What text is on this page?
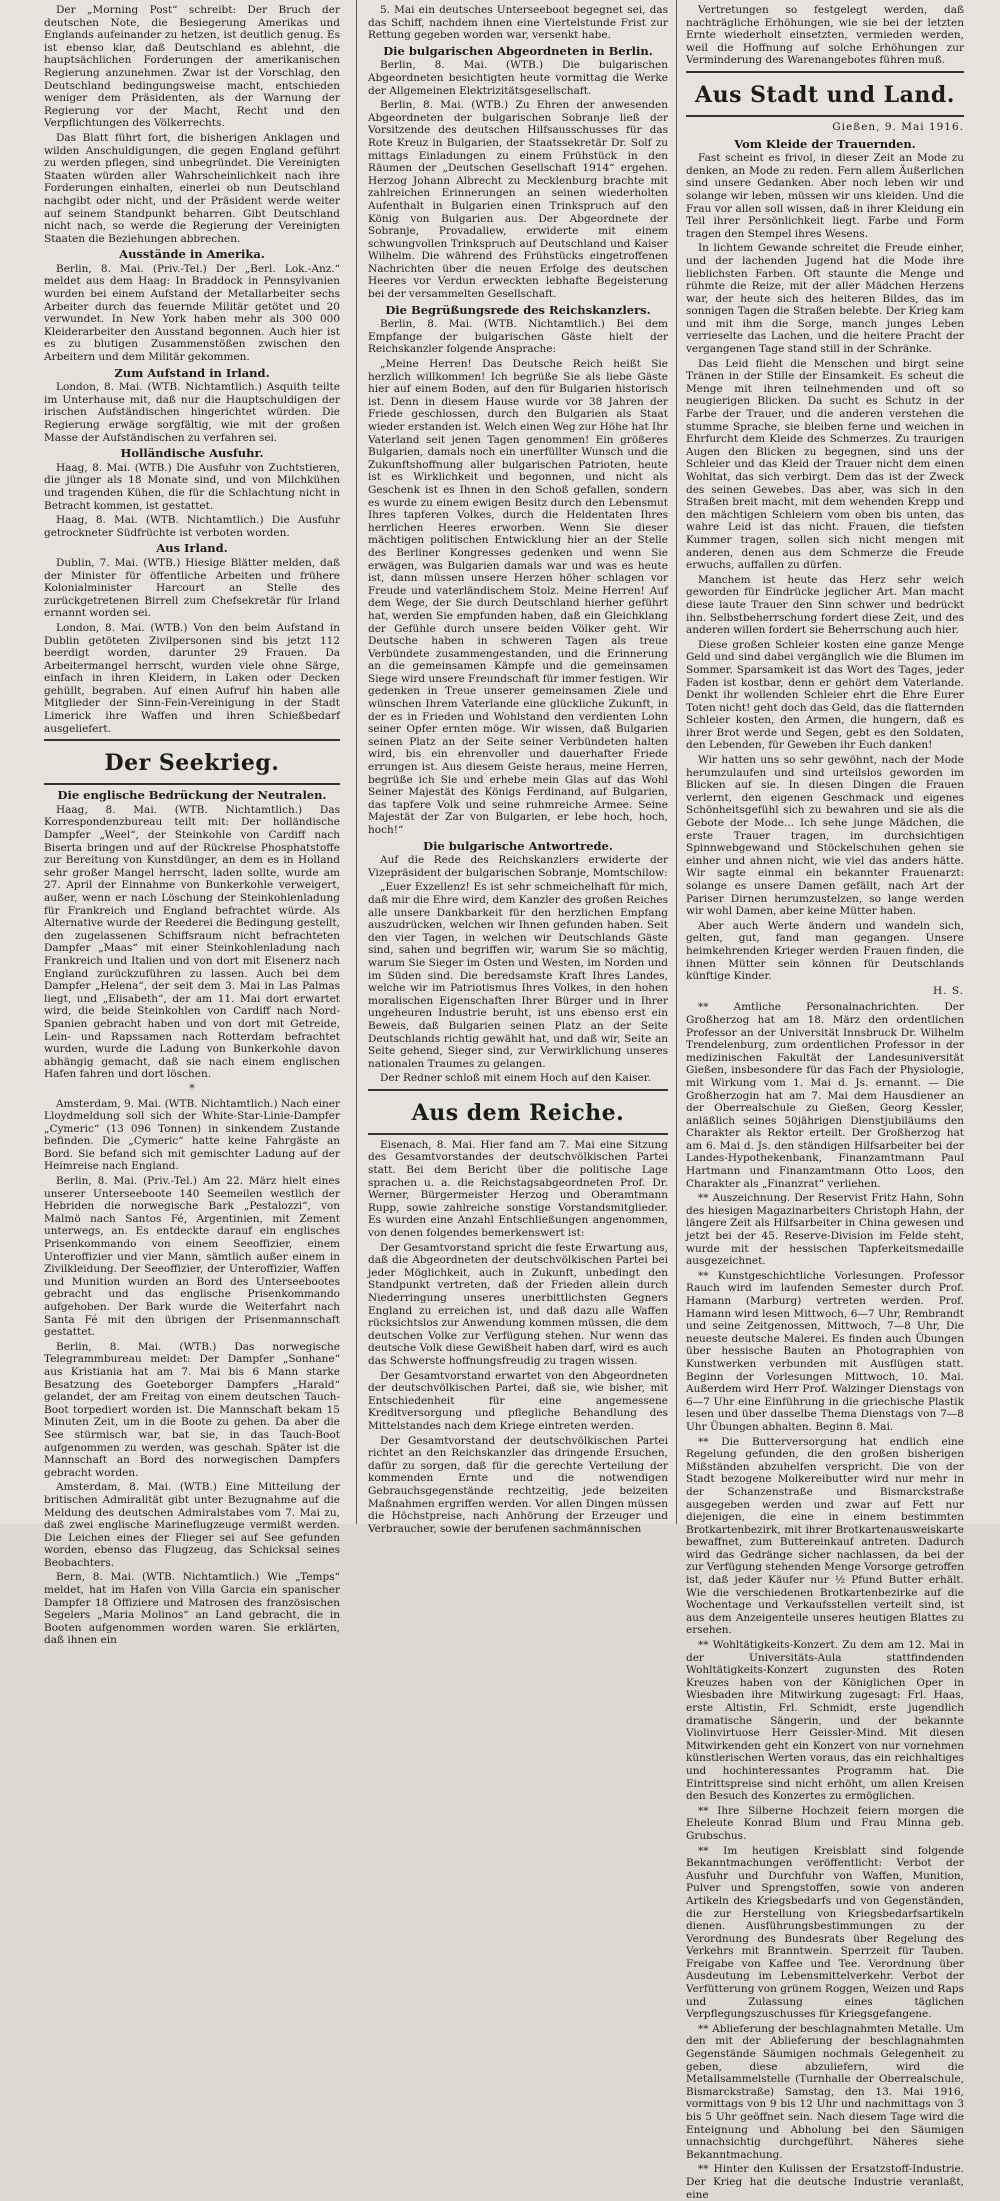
Der „Morning Post“ schreibt: Der Bruch der deutschen Note, die Besiegerung Amerikas und Englands aufeinander zu hetzen, ist deutlich genug. Es ist ebenso klar, daß Deutschland es ablehnt, die hauptsächlichen Forderungen der amerikanischen Regierung anzunehmen. Zwar ist der Vorschlag, den Deutschland bedingungsweise macht, entschieden weniger dem Präsidenten, als der Warnung der Regierung vor der Macht, Recht und den Verpflichtungen des Völkerrechts.

Das Blatt führt fort, die bisherigen Anklagen und wilden Anschuldigungen, die gegen England geführt zu werden pflegen, sind unbegründet. Die Vereinigten Staaten würden aller Wahrscheinlichkeit nach ihre Forderungen einhalten, einerlei ob nun Deutschland nachgibt oder nicht, und der Präsident werde weiter auf seinem Standpunkt beharren. Gibt Deutschland nicht nach, so werde die Regierung der Vereinigten Staaten die Beziehungen abbrechen.

Ausstände in Amerika.

Berlin, 8. Mai. (Priv.-Tel.) Der „Berl. Lok.-Anz.“ meldet aus dem Haag: In Braddock in Pennsylvanien wurden bei einem Aufstand der Metallarbeiter sechs Arbeiter durch das feuernde Militär getötet und 20 verwundet. In New York haben mehr als 300 000 Kleiderarbeiter den Ausstand begonnen. Auch hier ist es zu blutigen Zusammenstößen zwischen den Arbeitern und dem Militär gekommen.

Zum Aufstand in Irland.

London, 8. Mai. (WTB. Nichtamtlich.) Asquith teilte im Unterhause mit, daß nur die Hauptschuldigen der irischen Aufständischen hingerichtet würden. Die Regierung erwäge sorgfältig, wie mit der großen Masse der Aufständischen zu verfahren sei.

Holländische Ausfuhr.

Haag, 8. Mai. (WTB.) Die Ausfuhr von Zuchtstieren, die jünger als 18 Monate sind, und von Milchkühen und tragenden Kühen, die für die Schlachtung nicht in Betracht kommen, ist gestattet.

Haag, 8. Mai. (WTB. Nichtamtlich.) Die Ausfuhr getrockneter Südfrüchte ist verboten worden.

Aus Irland.

Dublin, 7. Mai. (WTB.) Hiesige Blätter melden, daß der Minister für öffentliche Arbeiten und frühere Kolonialminister Harcourt an Stelle des zurückgetretenen Birrell zum Chefsekretär für Irland ernannt worden sei.

London, 8. Mai. (WTB.) Von den beim Aufstand in Dublin getöteten Zivilpersonen sind bis jetzt 112 beerdigt worden, darunter 29 Frauen. Da Arbeitermangel herrscht, wurden viele ohne Särge, einfach in ihren Kleidern, in Laken oder Decken gehüllt, begraben. Auf einen Aufruf hin haben alle Mitglieder der Sinn-Fein-Vereinigung in der Stadt Limerick ihre Waffen und ihren Schießbedarf ausgeliefert.

Der Seekrieg.
Die englische Bedrückung der Neutralen.

Haag, 8. Mai. (WTB. Nichtamtlich.) Das Korrespondenzbureau teilt mit: Der holländische Dampfer „Weel“, der Steinkohle von Cardiff nach Biserta bringen und auf der Rückreise Phosphatstoffe zur Bereitung von Kunstdünger, an dem es in Holland sehr großer Mangel herrscht, laden sollte, wurde am 27. April der Einnahme von Bunkerkohle verweigert, außer, wenn er nach Löschung der Steinkohlenladung für Frankreich und England befrachtet würde. Als Alternative wurde der Reederei die Bedingung gestellt, den zugelassenen Schiffsraum nicht befrachteten Dampfer „Maas“ mit einer Steinkohlenladung nach Frankreich und Italien und von dort mit Eisenerz nach England zurückzuführen zu lassen. Auch bei dem Dampfer „Helena“, der seit dem 3. Mai in Las Palmas liegt, und „Elisabeth“, der am 11. Mai dort erwartet wird, die beide Steinkohlen von Cardiff nach Nord-Spanien gebracht haben und von dort mit Getreide, Lein- und Rapssamen nach Rotterdam befrachtet wurden, wurde die Ladung von Bunkerkohle davon abhängig gemacht, daß sie nach einem englischen Hafen fahren und dort löschen.

*

Amsterdam, 9. Mai. (WTB. Nichtamtlich.) Nach einer Lloydmeldung soll sich der White-Star-Linie-Dampfer „Cymeric“ (13 096 Tonnen) in sinkendem Zustande befinden. Die „Cymeric“ hatte keine Fahrgäste an Bord. Sie befand sich mit gemischter Ladung auf der Heimreise nach England.

Berlin, 8. Mai. (Priv.-Tel.) Am 22. März hielt eines unserer Unterseeboote 140 Seemeilen westlich der Hebriden die norwegische Bark „Pestalozzi“, von Malmö nach Santos Fé, Argentinien, mit Zement unterwegs, an. Es entdeckte darauf ein englisches Prisenkommando von einem Seeoffizier, einem Unteroffizier und vier Mann, sämtlich außer einem in Zivilkleidung. Der Seeoffizier, der Unteroffizier, Waffen und Munition wurden an Bord des Unterseebootes gebracht und das englische Prisenkommando aufgehoben. Der Bark wurde die Weiterfahrt nach Santa Fé mit den übrigen der Prisenmannschaft gestattet.

Berlin, 8. Mai. (WTB.) Das norwegische Telegrammbureau meldet: Der Dampfer „Sonhane“ aus Kristiania hat am 7. Mai bis 6 Mann starke Besatzung des Goeteborger Dampfers „Harald“ gelandet, der am Freitag von einem deutschen Tauch-Boot torpediert worden ist. Die Mannschaft bekam 15 Minuten Zeit, um in die Boote zu gehen. Da aber die See stürmisch war, bat sie, in das Tauch-Boot aufgenommen zu werden, was geschah. Später ist die Mannschaft an Bord des norwegischen Dampfers gebracht worden.

Amsterdam, 8. Mai. (WTB.) Eine Mitteilung der britischen Admiralität gibt unter Bezugnahme auf die Meldung des deutschen Admiralstabes vom 7. Mai zu, daß zwei englische Marineflugzeuge vermißt werden. Die Leichen eines der Flieger sei auf See gefunden worden, ebenso das Flugzeug, das Schicksal seines Beobachters.

Bern, 8. Mai. (WTB. Nichtamtlich.) Wie „Temps“ meldet, hat im Hafen von Villa Garcia ein spanischer Dampfer 18 Offiziere und Matrosen des französischen Segelers „Maria Molinos“ an Land gebracht, die in Booten aufgenommen worden waren. Sie erklärten, daß ihnen ein

5. Mai ein deutsches Unterseeboot begegnet sei, das das Schiff, nachdem ihnen eine Viertelstunde Frist zur Rettung gegeben worden war, versenkt habe.

Die bulgarischen Abgeordneten in Berlin.

Berlin, 8. Mai. (WTB.) Die bulgarischen Abgeordneten besichtigten heute vormittag die Werke der Allgemeinen Elektrizitätsgesellschaft.

Berlin, 8. Mai. (WTB.) Zu Ehren der anwesenden Abgeordneten der bulgarischen Sobranje ließ der Vorsitzende des deutschen Hilfsausschusses für das Rote Kreuz in Bulgarien, der Staatssekretär Dr. Solf zu mittags Einladungen zu einem Frühstück in den Räumen der „Deutschen Gesellschaft 1914“ ergehen. Herzog Johann Albrecht zu Mecklenburg brachte mit zahlreichen Erinnerungen an seinen wiederholten Aufenthalt in Bulgarien einen Trinkspruch auf den König von Bulgarien aus. Der Abgeordnete der Sobranje, Provadaliew, erwiderte mit einem schwungvollen Trinkspruch auf Deutschland und Kaiser Wilhelm. Die während des Frühstücks eingetroffenen Nachrichten über die neuen Erfolge des deutschen Heeres vor Verdun erweckten lebhafte Begeisterung bei der versammelten Gesellschaft.

Die Begrüßungsrede des Reichskanzlers.

Berlin, 8. Mai. (WTB. Nichtamtlich.) Bei dem Empfange der bulgarischen Gäste hielt der Reichskanzler folgende Ansprache:

„Meine Herren! Das Deutsche Reich heißt Sie herzlich willkommen! Ich begrüße Sie als liebe Gäste hier auf einem Boden, auf den für Bulgarien historisch ist. Denn in diesem Hause wurde vor 38 Jahren der Friede geschlossen, durch den Bulgarien als Staat wieder erstanden ist. Welch einen Weg zur Höhe hat Ihr Vaterland seit jenen Tagen genommen! Ein größeres Bulgarien, damals noch ein unerfüllter Wunsch und die Zukunftshoffnung aller bulgarischen Patrioten, heute ist es Wirklichkeit und begonnen, und nicht als Geschenk ist es Ihnen in den Schoß gefallen, sondern es wurde zu einem ewigen Besitz durch den Lebensmut Ihres tapferen Volkes, durch die Heldentaten Ihres herrlichen Heeres erworben. Wenn Sie dieser mächtigen politischen Entwicklung hier an der Stelle des Berliner Kongresses gedenken und wenn Sie erwägen, was Bulgarien damals war und was es heute ist, dann müssen unsere Herzen höher schlagen vor Freude und vaterländischem Stolz. Meine Herren! Auf dem Wege, der Sie durch Deutschland hierher geführt hat, werden Sie empfunden haben, daß ein Gleichklang der Gefühle durch unsere beiden Völker geht. Wir Deutsche haben in schweren Tagen als treue Verbündete zusammengestanden, und die Erinnerung an die gemeinsamen Kämpfe und die gemeinsamen Siege wird unsere Freundschaft für immer festigen. Wir gedenken in Treue unserer gemeinsamen Ziele und wünschen Ihrem Vaterlande eine glückliche Zukunft, in der es in Frieden und Wohlstand den verdienten Lohn seiner Opfer ernten möge. Wir wissen, daß Bulgarien seinen Platz an der Seite seiner Verbündeten halten wird, bis ein ehrenvoller und dauerhafter Friede errungen ist. Aus diesem Geiste heraus, meine Herren, begrüße ich Sie und erhebe mein Glas auf das Wohl Seiner Majestät des Königs Ferdinand, auf Bulgarien, das tapfere Volk und seine ruhmreiche Armee. Seine Majestät der Zar von Bulgarien, er lebe hoch, hoch, hoch!“

Die bulgarische Antwortrede.

Auf die Rede des Reichskanzlers erwiderte der Vizepräsident der bulgarischen Sobranje, Momtschilow:

„Euer Exzellenz! Es ist sehr schmeichelhaft für mich, daß mir die Ehre wird, dem Kanzler des großen Reiches alle unsere Dankbarkeit für den herzlichen Empfang auszudrücken, welchen wir Ihnen gefunden haben. Seit den vier Tagen, in welchen wir Deutschlands Gäste sind, sahen und begriffen wir, warum Sie so mächtig, warum Sie Sieger im Osten und Westen, im Norden und im Süden sind. Die beredsamste Kraft Ihres Landes, welche wir im Patriotismus Ihres Volkes, in den hohen moralischen Eigenschaften Ihrer Bürger und in Ihrer ungeheuren Industrie beruht, ist uns ebenso erst ein Beweis, daß Bulgarien seinen Platz an der Seite Deutschlands richtig gewählt hat, und daß wir, Seite an Seite gehend, Sieger sind, zur Verwirklichung unseres nationalen Traumes zu gelangen.

Der Redner schloß mit einem Hoch auf den Kaiser.

Aus dem Reiche.

Eisenach, 8. Mai. Hier fand am 7. Mai eine Sitzung des Gesamtvorstandes der deutschvölkischen Partei statt. Bei dem Bericht über die politische Lage sprachen u. a. die Reichstagsabgeordneten Prof. Dr. Werner, Bürgermeister Herzog und Oberamtmann Rupp, sowie zahlreiche sonstige Vorstandsmitglieder. Es wurden eine Anzahl Entschließungen angenommen, von denen folgendes bemerkenswert ist:

Der Gesamtvorstand spricht die feste Erwartung aus, daß die Abgeordneten der deutschvölkischen Partei bei jeder Möglichkeit, auch in Zukunft, unbedingt den Standpunkt vertreten, daß der Frieden allein durch Niederringung unseres unerbittlichsten Gegners England zu erreichen ist, und daß dazu alle Waffen rücksichtslos zur Anwendung kommen müssen, die dem deutschen Volke zur Verfügung stehen. Nur wenn das deutsche Volk diese Gewißheit haben darf, wird es auch das Schwerste hoffnungsfreudig zu tragen wissen.

Der Gesamtvorstand erwartet von den Abgeordneten der deutschvölkischen Partei, daß sie, wie bisher, mit Entschiedenheit für eine angemessene Kreditversorgung und pflegliche Behandlung des Mittelstandes nach dem Kriege eintreten werden.

Der Gesamtvorstand der deutschvölkischen Partei richtet an den Reichskanzler das dringende Ersuchen, dafür zu sorgen, daß für die gerechte Verteilung der kommenden Ernte und die notwendigen Gebrauchsgegenstände rechtzeitig, jede beizeiten Maßnahmen ergriffen werden. Vor allen Dingen müssen die Höchstpreise, nach Anhörung der Erzeuger und Verbraucher, sowie der berufenen sachmännischen

Vertretungen so festgelegt werden, daß nachträgliche Erhöhungen, wie sie bei der letzten Ernte wiederholt einsetzten, vermieden werden, weil die Hoffnung auf solche Erhöhungen zur Verminderung des Warenangebotes führen muß.

Aus Stadt und Land.
Gießen, 9. Mai 1916.
Vom Kleide der Trauernden.

Fast scheint es frivol, in dieser Zeit an Mode zu denken, an Mode zu reden. Fern allem Äußerlichen sind unsere Gedanken. Aber noch leben wir und solange wir leben, müssen wir uns kleiden. Und die Frau vor allen soll wissen, daß in ihrer Kleidung ein Teil ihrer Persönlichkeit liegt. Farbe und Form tragen den Stempel ihres Wesens.

In lichtem Gewande schreitet die Freude einher, und der lachenden Jugend hat die Mode ihre lieblichsten Farben. Oft staunte die Menge und rühmte die Reize, mit der aller Mädchen Herzens war, der heute sich des heiteren Bildes, das im sonnigen Tagen die Straßen belebte. Der Krieg kam und mit ihm die Sorge, manch junges Leben verrieselte das Lachen, und die heitere Pracht der vergangenen Tage stand still in der Schränke.

Das Leid flieht die Menschen und birgt seine Tränen in der Stille der Einsamkeit. Es scheut die Menge mit ihren teilnehmenden und oft so neugierigen Blicken. Da sucht es Schutz in der Farbe der Trauer, und die anderen verstehen die stumme Sprache, sie bleiben ferne und weichen in Ehrfurcht dem Kleide des Schmerzes. Zu traurigen Augen den Blicken zu begegnen, sind uns der Schleier und das Kleid der Trauer nicht dem einen Wohltat, das sich verbirgt. Dem das ist der Zweck des seinen Gewebes. Das aber, was sich in den Straßen breit macht, mit dem wehenden Krepp und den mächtigen Schleiern vom oben bis unten, das wahre Leid ist das nicht. Frauen, die tiefsten Kummer tragen, sollen sich nicht mengen mit anderen, denen aus dem Schmerze die Freude erwuchs, auffallen zu dürfen.

Manchem ist heute das Herz sehr weich geworden für Eindrücke jeglicher Art. Man macht diese laute Trauer den Sinn schwer und bedrückt ihn. Selbstbeherrschung fordert diese Zeit, und des anderen willen fordert sie Beherrschung auch hier.

Diese großen Schleier kosten eine ganze Menge Geld und sind dabei vergänglich wie die Blumen im Sommer. Sparsamkeit ist das Wort des Tages, jeder Faden ist kostbar, denn er gehört dem Vaterlande. Denkt ihr wollenden Schleier ehrt die Ehre Eurer Toten nicht! geht doch das Geld, das die flatternden Schleier kosten, den Armen, die hungern, daß es ihrer Brot werde und Segen, gebt es den Soldaten, den Lebenden, für Geweben ihr Euch danken!

Wir hatten uns so sehr gewöhnt, nach der Mode herumzulaufen und sind urteilslos geworden im Blicken auf sie. In diesen Dingen die Frauen verlernt, den eigenen Geschmack und eigenes Schönheitsgefühl sich zu bewahren und sie als die Gebote der Mode... Ich sehe junge Mädchen, die erste Trauer tragen, im durchsichtigen Spinnwebgewand und Stöckelschuhen gehen sie einher und ahnen nicht, wie viel das anders hätte. Wir sagte einmal ein bekannter Frauenarzt: solange es unsere Damen gefällt, nach Art der Pariser Dirnen herumzustelzen, so lange werden wir wohl Damen, aber keine Mütter haben.

Aber auch Werte ändern und wandeln sich, gelten, gut, fand man gegangen. Unsere heimkehrenden Krieger werden Frauen finden, die ihnen Mütter sein können für Deutschlands künftige Kinder.

H. S.

** Amtliche Personalnachrichten. Der Großherzog hat am 18. März den ordentlichen Professor an der Universität Innsbruck Dr. Wilhelm Trendelenburg, zum ordentlichen Professor in der medizinischen Fakultät der Landesuniversität Gießen, insbesondere für das Fach der Physiologie, mit Wirkung vom 1. Mai d. Js. ernannt. — Die Großherzogin hat am 7. Mai dem Hausdiener an der Oberrealschule zu Gießen, Georg Kessler, anläßlich seines 50jährigen Dienstjubiläums den Charakter als Rektor erteilt. Der Großherzog hat am 6. Mai d. Js. den ständigen Hilfsarbeiter bei der Landes-Hypothekenbank, Finanzamtmann Paul Hartmann und Finanzamtmann Otto Loos, den Charakter als „Finanzrat“ verliehen.

** Auszeichnung. Der Reservist Fritz Hahn, Sohn des hiesigen Magazinarbeiters Christoph Hahn, der längere Zeit als Hilfsarbeiter in China gewesen und jetzt bei der 45. Reserve-Division im Felde steht, wurde mit der hessischen Tapferkeitsmedaille ausgezeichnet.

** Kunstgeschichtliche Vorlesungen. Professor Rauch wird im laufenden Semester durch Prof. Hamann (Marburg) vertreten werden. Prof. Hamann wird lesen Mittwoch, 6—7 Uhr, Rembrandt und seine Zeitgenossen, Mittwoch, 7—8 Uhr, Die neueste deutsche Malerei. Es finden auch Übungen über hessische Bauten an Photographien von Kunstwerken verbunden mit Ausflügen statt. Beginn der Vorlesungen Mittwoch, 10. Mai. Außerdem wird Herr Prof. Walzinger Dienstags von 6—7 Uhr eine Einführung in die griechische Plastik lesen und über dasselbe Thema Dienstags von 7—8 Uhr Übungen abhalten. Beginn 8. Mai.

** Die Butterversorgung hat endlich eine Regelung gefunden, die den großen bisherigen Mißständen abzuhelfen verspricht. Die von der Stadt bezogene Molkereibutter wird nur mehr in der Schanzenstraße und Bismarckstraße ausgegeben werden und zwar auf Fett nur diejenigen, die eine in einem bestimmten Brotkartenbezirk, mit ihrer Brotkartenausweiskarte bewaffnet, zum Buttereinkauf antreten. Dadurch wird das Gedränge sicher nachlassen, da bei der zur Verfügung stehenden Menge Vorsorge getroffen ist, daß jeder Käufer nur ½ Pfund Butter erhält. Wie die verschiedenen Brotkartenbezirke auf die Wochentage und Verkaufsstellen verteilt sind, ist aus dem Anzeigenteile unseres heutigen Blattes zu ersehen.

** Wohltätigkeits-Konzert. Zu dem am 12. Mai in der Universitäts-Aula stattfindenden Wohltätigkeits-Konzert zugunsten des Roten Kreuzes haben von der Königlichen Oper in Wiesbaden ihre Mitwirkung zugesagt: Frl. Haas, erste Altistin, Frl. Schmidt, erste jugendlich dramatische Sängerin, und der bekannte Violinvirtuose Herr Geissler-Mind. Mit diesen Mitwirkenden geht ein Konzert von nur vornehmen künstlerischen Werten voraus, das ein reichhaltiges und hochinteressantes Programm hat. Die Eintrittspreise sind nicht erhöht, um allen Kreisen den Besuch des Konzertes zu ermöglichen.

** Ihre Silberne Hochzeit feiern morgen die Eheleute Konrad Blum und Frau Minna geb. Grubschus.

** Im heutigen Kreisblatt sind folgende Bekanntmachungen veröffentlicht: Verbot der Ausfuhr und Durchfuhr von Waffen, Munition, Pulver und Sprengstoffen, sowie von anderen Artikeln des Kriegsbedarfs und von Gegenständen, die zur Herstellung von Kriegsbedarfsartikeln dienen. Ausführungsbestimmungen zu der Verordnung des Bundesrats über Regelung des Verkehrs mit Branntwein. Sperrzeit für Tauben. Freigabe von Kaffee und Tee. Verordnung über Ausdeutung im Lebensmittelverkehr. Verbot der Verfütterung von grünem Roggen, Weizen und Raps und Zulassung eines täglichen Verpflegungszuschusses für Kriegsgefangene.

** Ablieferung der beschlagnahmten Metalle. Um den mit der Ablieferung der beschlagnahmten Gegenstände Säumigen nochmals Gelegenheit zu geben, diese abzuliefern, wird die Metallsammelstelle (Turnhalle der Oberrealschule, Bismarckstraße) Samstag, den 13. Mai 1916, vormittags von 9 bis 12 Uhr und nachmittags von 3 bis 5 Uhr geöffnet sein. Nach diesem Tage wird die Enteignung und Abholung bei den Säumigen unnachsichtig durchgeführt. Näheres siehe Bekanntmachung.

** Hinter den Kulissen der Ersatzstoff-Industrie. Der Krieg hat die deutsche Industrie veranlaßt, eine
